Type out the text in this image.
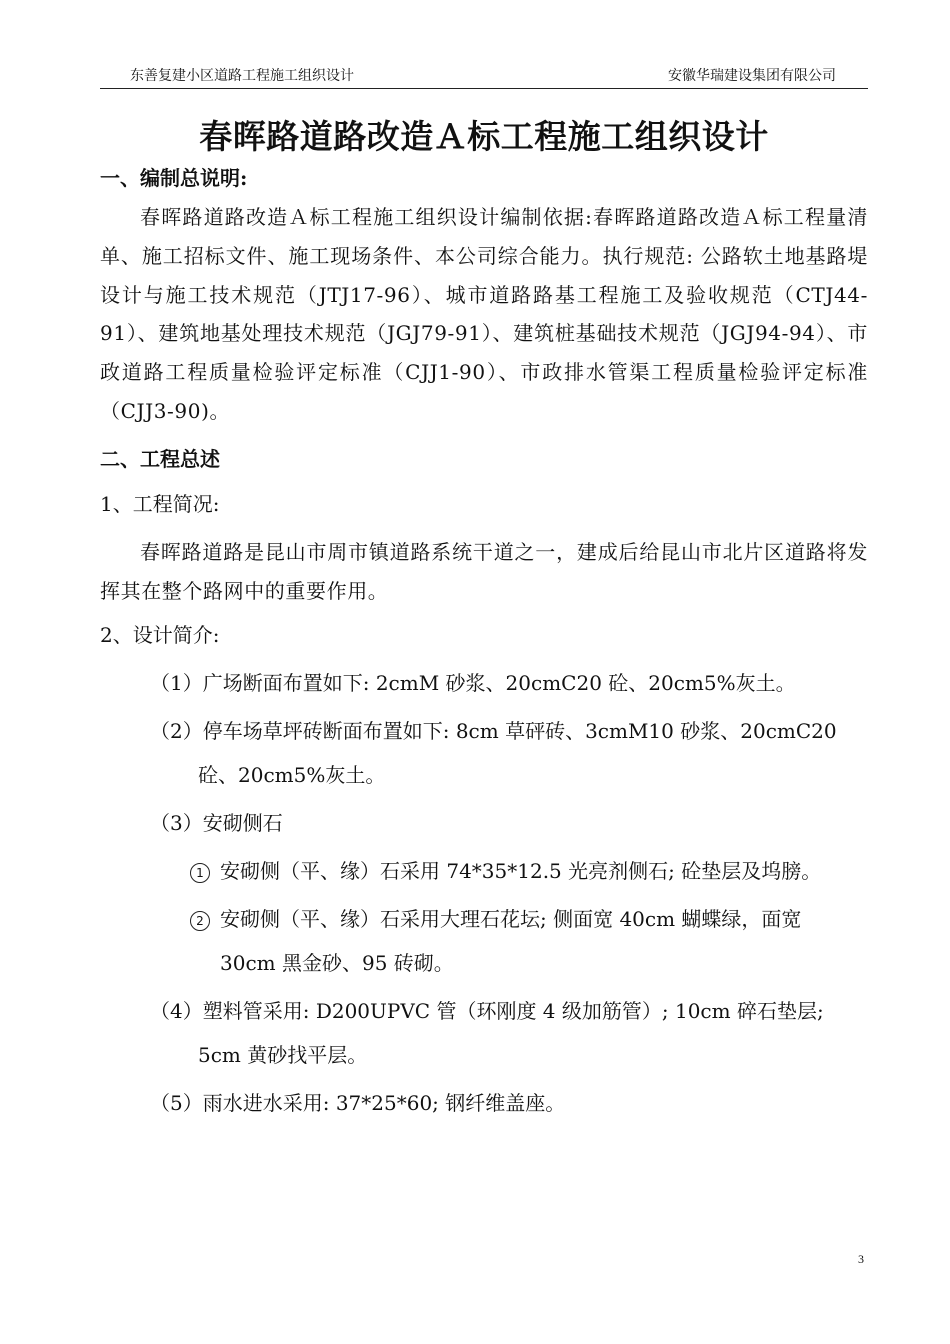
东善复建小区道路工程施工组织设计	安徽华瑞建设集团有限公司
春晖路道路改造Ａ标工程施工组织设计
一、编制总说明:

春晖路道路改造Ａ标工程施工组织设计编制依据:春晖路道路改造Ａ标工程量清单、施工招标文件、施工现场条件、本公司综合能力。执行规范: 公路软土地基路堤设计与施工技术规范（JTJ17-96）、城市道路路基工程施工及验收规范（CTJ44-91）、建筑地基处理技术规范（JGJ79-91）、建筑桩基础技术规范（JGJ94-94）、市政道路工程质量检验评定标准（CJJ1-90）、市政排水管渠工程质量检验评定标准（CJJ3-90)。

二、工程总述
1、工程简况:

春晖路道路是昆山市周市镇道路系统干道之一，建成后给昆山市北片区道路将发挥其在整个路网中的重要作用。

2、设计简介:
（1）广场断面布置如下: 2cmM 砂浆、20cmC20 砼、20cm5%灰土。
（2）停车场草坪砖断面布置如下: 8cm 草砰砖、3cmM10 砂浆、20cmC20
砼、20cm5%灰土。
（3）安砌侧石
1 安砌侧（平、缘）石采用 74*35*12.5 光亮剂侧石; 砼垫层及坞膀。
2 安砌侧（平、缘）石采用大理石花坛; 侧面宽 40cm 蝴蝶绿，面宽
30cm 黑金砂、95 砖砌。
（4）塑料管采用: D200UPVC 管（环刚度 4 级加筋管）; 10cm 碎石垫层;
5cm 黄砂找平层。
（5）雨水进水采用: 37*25*60; 钢纤维盖座。
3
